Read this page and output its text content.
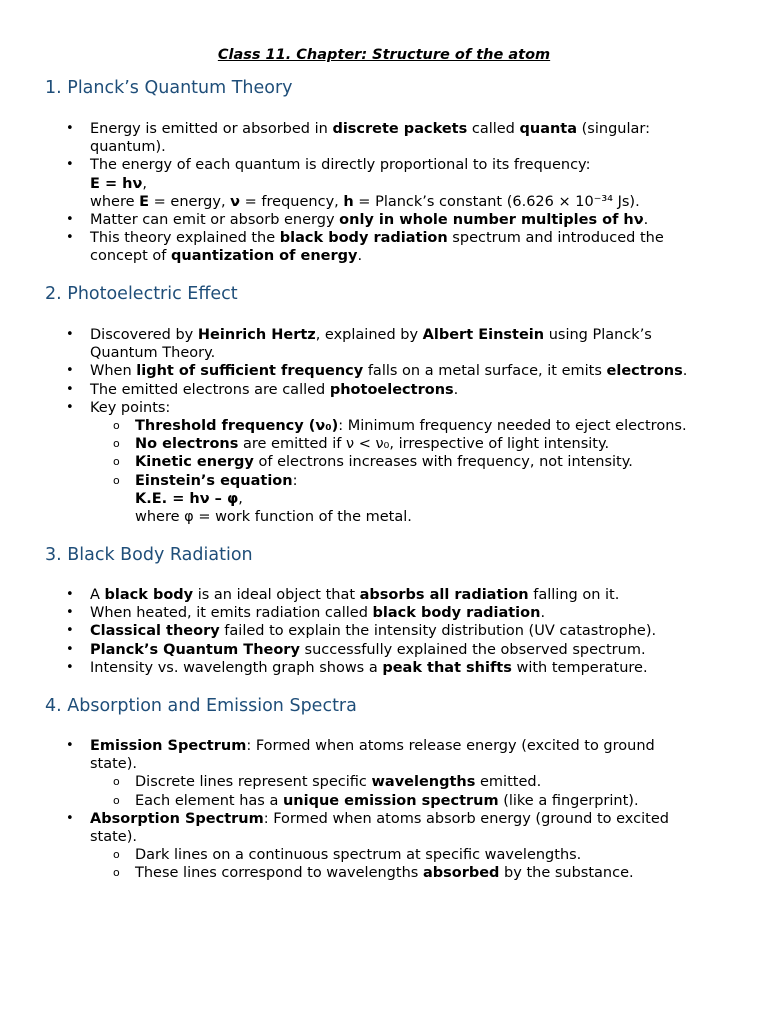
Class 11. Chapter: Structure of the atom
1. Planck’s Quantum Theory
• Energy is emitted or absorbed in discrete packets called quanta (singular: quantum).
• The energy of each quantum is directly proportional to its frequency:
E = hν,
where E = energy, ν = frequency, h = Planck’s constant (6.626 × 10⁻³⁴ Js).
• Matter can emit or absorb energy only in whole number multiples of hν.
• This theory explained the black body radiation spectrum and introduced the concept of quantization of energy.
2. Photoelectric Effect
• Discovered by Heinrich Hertz, explained by Albert Einstein using Planck’s Quantum Theory.
• When light of sufficient frequency falls on a metal surface, it emits electrons.
• The emitted electrons are called photoelectrons.
• Key points:
o Threshold frequency (ν₀): Minimum frequency needed to eject electrons.
o No electrons are emitted if ν < ν₀, irrespective of light intensity.
o Kinetic energy of electrons increases with frequency, not intensity.
o Einstein’s equation:
K.E. = hν – φ,
where φ = work function of the metal.
3. Black Body Radiation
• A black body is an ideal object that absorbs all radiation falling on it.
• When heated, it emits radiation called black body radiation.
• Classical theory failed to explain the intensity distribution (UV catastrophe).
• Planck’s Quantum Theory successfully explained the observed spectrum.
• Intensity vs. wavelength graph shows a peak that shifts with temperature.
4. Absorption and Emission Spectra
• Emission Spectrum: Formed when atoms release energy (excited to ground state).
o Discrete lines represent specific wavelengths emitted.
o Each element has a unique emission spectrum (like a fingerprint).
• Absorption Spectrum: Formed when atoms absorb energy (ground to excited state).
o Dark lines on a continuous spectrum at specific wavelengths.
o These lines correspond to wavelengths absorbed by the substance.
